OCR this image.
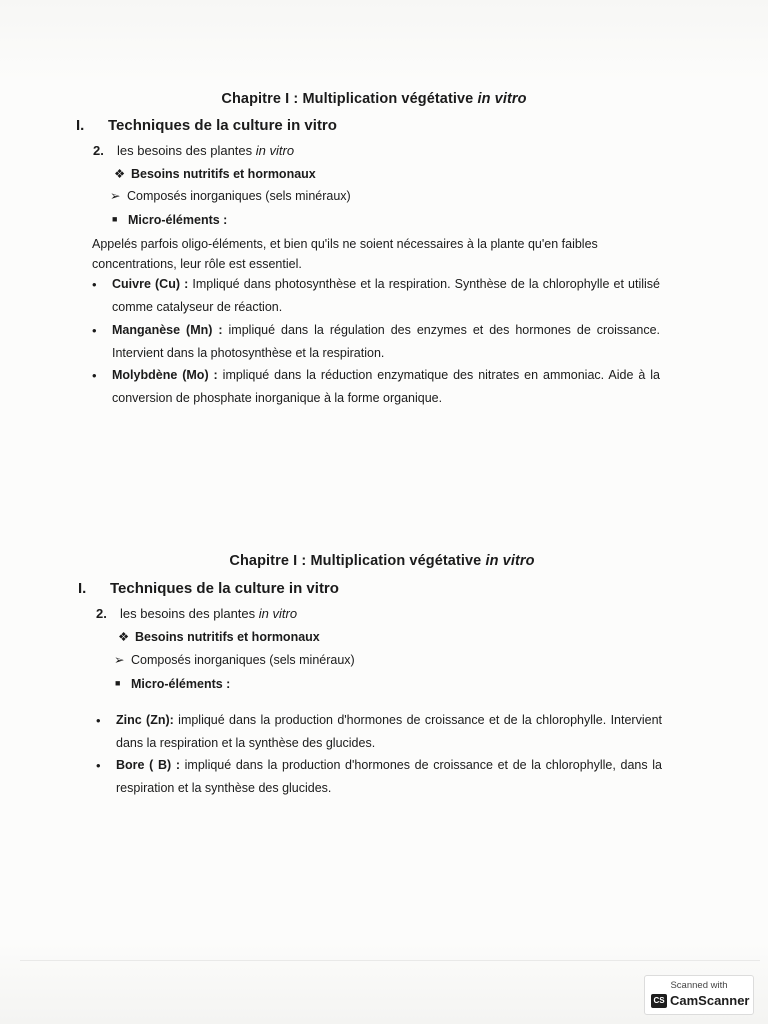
Chapitre I : Multiplication végétative in vitro
I. Techniques de la culture in vitro
2. les besoins des plantes in vitro
❖ Besoins nutritifs et hormonaux
➢ Composés inorganiques (sels minéraux)
■ Micro-éléments :
Appelés parfois oligo-éléments, et bien qu'ils ne soient nécessaires à la plante qu'en faibles concentrations, leur rôle est essentiel.
• Cuivre (Cu) : Impliqué dans photosynthèse et la respiration. Synthèse de la chlorophylle et utilisé comme catalyseur de réaction.
• Manganèse (Mn) : impliqué dans la régulation des enzymes et des hormones de croissance. Intervient dans la photosynthèse et la respiration.
• Molybdène (Mo) : impliqué dans la réduction enzymatique des nitrates en ammoniac. Aide à la conversion de phosphate inorganique à la forme organique.
Chapitre I : Multiplication végétative in vitro
I. Techniques de la culture in vitro
2. les besoins des plantes in vitro
❖ Besoins nutritifs et hormonaux
➢ Composés inorganiques (sels minéraux)
■ Micro-éléments :
• Zinc (Zn): impliqué dans la production d'hormones de croissance et de la chlorophylle. Intervient dans la respiration et la synthèse des glucides.
• Bore ( B) : impliqué dans la production d'hormones de croissance et de la chlorophylle, dans la respiration et la synthèse des glucides.
Scanned with
CS CamScanner
